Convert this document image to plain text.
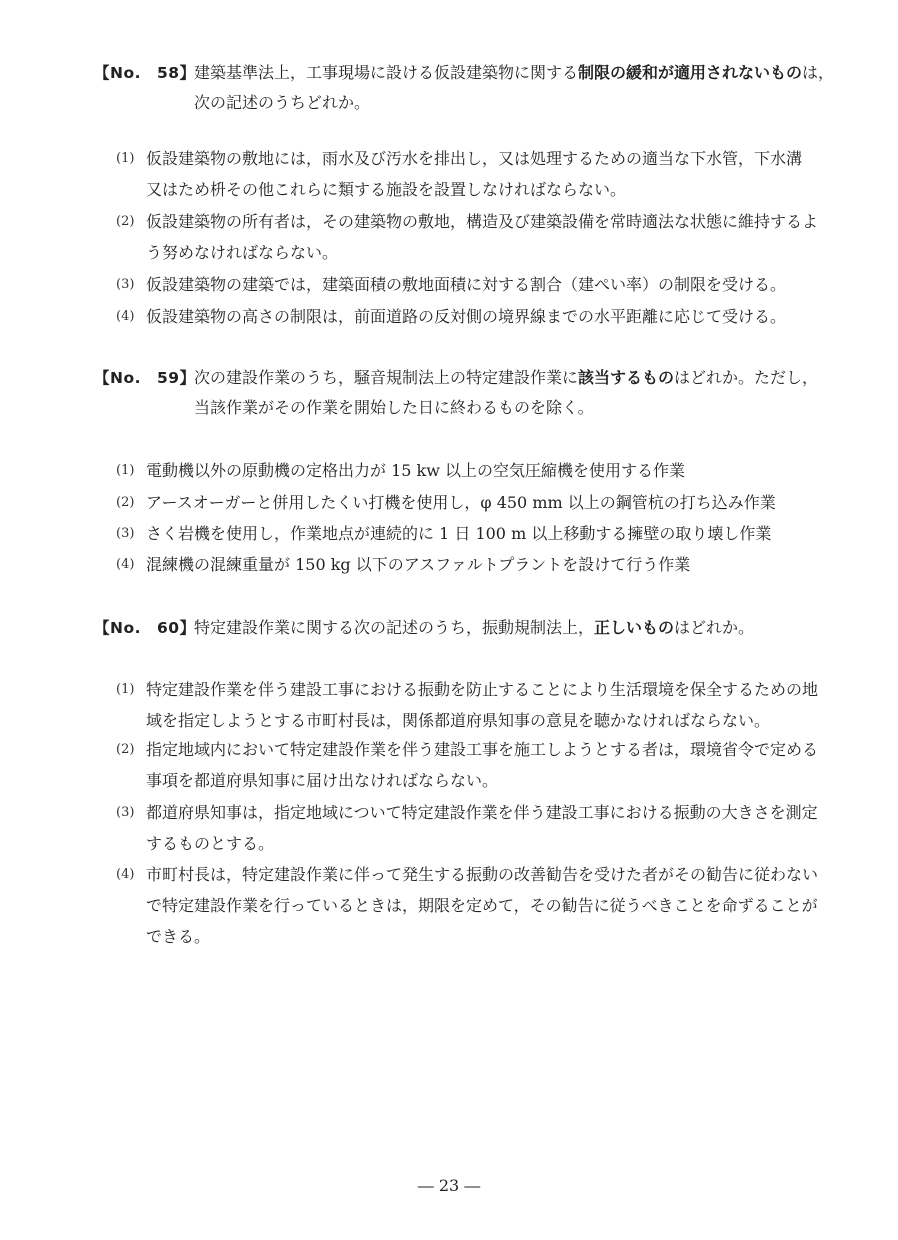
【No.　58】
建築基準法上，工事現場に設ける仮設建築物に関する制限の緩和が適用されないものは，
次の記述のうちどれか。
(1) 仮設建築物の敷地には，雨水及び汚水を排出し，又は処理するための適当な下水管，下水溝
又はため枡その他これらに類する施設を設置しなければならない。
(2) 仮設建築物の所有者は，その建築物の敷地，構造及び建築設備を常時適法な状態に維持するよ
う努めなければならない。
(3) 仮設建築物の建築では，建築面積の敷地面積に対する割合（建ぺい率）の制限を受ける。
(4) 仮設建築物の高さの制限は，前面道路の反対側の境界線までの水平距離に応じて受ける。
【No.　59】
次の建設作業のうち，騒音規制法上の特定建設作業に該当するものはどれか。ただし，
当該作業がその作業を開始した日に終わるものを除く。
(1) 電動機以外の原動機の定格出力が 15 kw 以上の空気圧縮機を使用する作業
(2) アースオーガーと併用したくい打機を使用し，φ 450 mm 以上の鋼管杭の打ち込み作業
(3) さく岩機を使用し，作業地点が連続的に 1 日 100 m 以上移動する擁壁の取り壊し作業
(4) 混練機の混練重量が 150 kg 以下のアスファルトプラントを設けて行う作業
【No.　60】
特定建設作業に関する次の記述のうち，振動規制法上，正しいものはどれか。
(1) 特定建設作業を伴う建設工事における振動を防止することにより生活環境を保全するための地
域を指定しようとする市町村長は，関係都道府県知事の意見を聴かなければならない。
(2) 指定地域内において特定建設作業を伴う建設工事を施工しようとする者は，環境省令で定める
事項を都道府県知事に届け出なければならない。
(3) 都道府県知事は，指定地域について特定建設作業を伴う建設工事における振動の大きさを測定
するものとする。
(4) 市町村長は，特定建設作業に伴って発生する振動の改善勧告を受けた者がその勧告に従わない
で特定建設作業を行っているときは，期限を定めて，その勧告に従うべきことを命ずることが
できる。
― 23 ―
